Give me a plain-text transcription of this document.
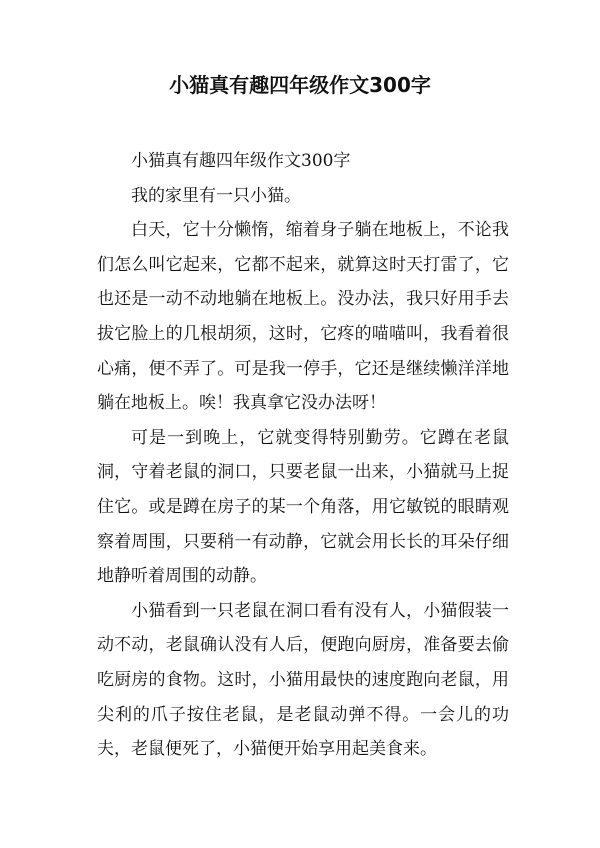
小猫真有趣四年级作文300字

小猫真有趣四年级作文300字

我的家里有一只小猫。

白天，它十分懒惰，缩着身子躺在地板上，不论我们怎么叫它起来，它都不起来，就算这时天打雷了，它也还是一动不动地躺在地板上。没办法，我只好用手去拔它脸上的几根胡须，这时，它疼的喵喵叫，我看着很心痛，便不弄了。可是我一停手，它还是继续懒洋洋地躺在地板上。唉！我真拿它没办法呀！

可是一到晚上，它就变得特别勤劳。它蹲在老鼠洞，守着老鼠的洞口，只要老鼠一出来，小猫就马上捉住它。或是蹲在房子的某一个角落，用它敏锐的眼睛观察着周围，只要稍一有动静，它就会用长长的耳朵仔细地静听着周围的动静。

小猫看到一只老鼠在洞口看有没有人，小猫假装一动不动，老鼠确认没有人后，便跑向厨房，准备要去偷吃厨房的食物。这时，小猫用最快的速度跑向老鼠，用尖利的爪子按住老鼠，是老鼠动弹不得。一会儿的功夫，老鼠便死了，小猫便开始享用起美食来。
